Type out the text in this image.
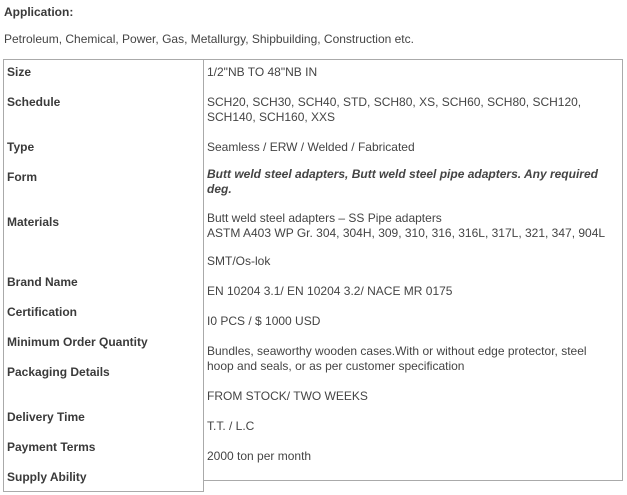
Application:
Petroleum, Chemical, Power, Gas, Metallurgy, Shipbuilding, Construction etc.
Size
Schedule
Type
Form
Materials
Brand Name
Certification
Minimum Order Quantity
Packaging Details
Delivery Time
Payment Terms
Supply Ability
1/2"NB TO 48"NB IN
SCH20, SCH30, SCH40, STD, SCH80, XS, SCH60, SCH80, SCH120, SCH140, SCH160, XXS
Seamless / ERW / Welded / Fabricated
Butt weld steel adapters, Butt weld steel pipe adapters. Any required deg.
Butt weld steel adapters – SS Pipe adapters
ASTM A403 WP Gr. 304, 304H, 309, 310, 316, 316L, 317L, 321, 347, 904L
SMT/Os-lok
EN 10204 3.1/ EN 10204 3.2/ NACE MR 0175
I0 PCS / $ 1000 USD
Bundles, seaworthy wooden cases.With or without edge protector, steel hoop and seals, or as per customer specification
FROM STOCK/ TWO WEEKS
T.T. / L.C
2000 ton per month
